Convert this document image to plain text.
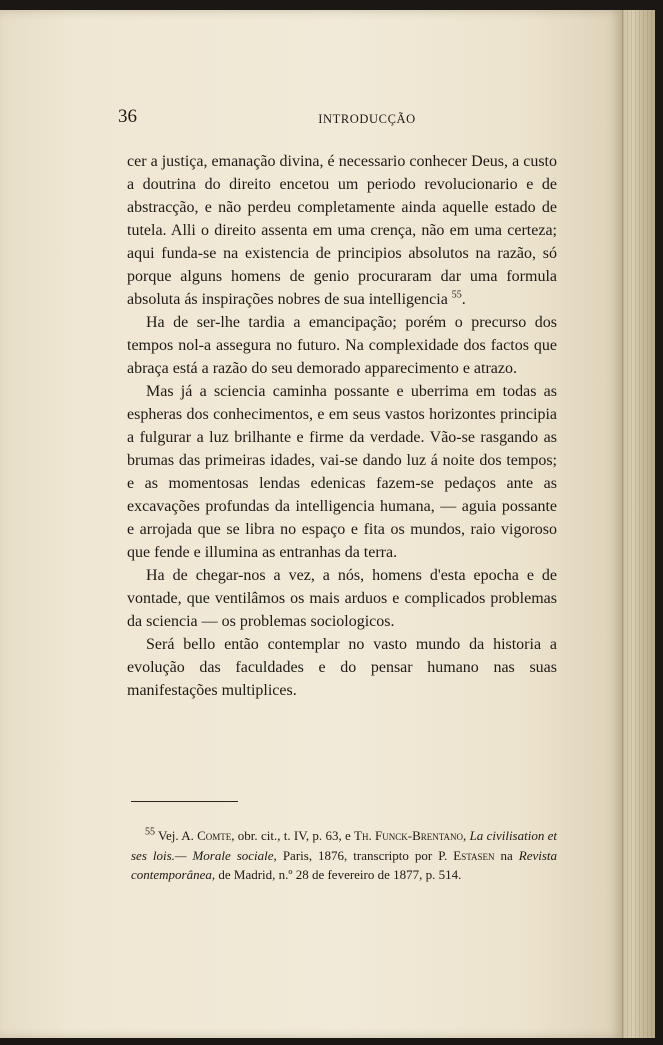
36	INTRODUCÇÃO

cer a justiça, emanação divina, é necessario conhecer Deus, a custo a doutrina do direito encetou um periodo revolucionario e de abstracção, e não perdeu completamente ainda aquelle estado de tutela. Alli o direito assenta em uma crença, não em uma certeza; aqui funda-se na existencia de principios absolutos na razão, só porque alguns homens de genio procuraram dar uma formula absoluta ás inspirações nobres de sua intelligencia $^{55}$.

Ha de ser-lhe tardia a emancipação; porém o precurso dos tempos nol-a assegura no futuro. Na complexidade dos factos que abraça está a razão do seu demorado apparecimento e atrazo.

Mas já a sciencia caminha possante e uberrima em todas as espheras dos conhecimentos, e em seus vastos horizontes principia a fulgurar a luz brilhante e firme da verdade. Vão-se rasgando as brumas das primeiras idades, vai-se dando luz á noite dos tempos; e as momentosas lendas edenicas fazem-se pedaços ante as excavações profundas da intelligencia humana, — aguia possante e arrojada que se libra no espaço e fita os mundos, raio vigoroso que fende e illumina as entranhas da terra.

Ha de chegar-nos a vez, a nós, homens d'esta epocha e de vontade, que ventilâmos os mais arduos e complicados problemas da sciencia — os problemas sociologicos.

Será bello então contemplar no vasto mundo da historia a evolução das faculdades e do pensar humano nas suas manifestações multiplices.

$^{55}$ Vej. A. Comte, obr. cit., t. IV, p. 63, e Th. Funck-Brentano, La civilisation et ses lois.— Morale sociale, Paris, 1876, transcripto por P. Estasen na Revista contemporânea, de Madrid, n.º 28 de fevereiro de 1877, p. 514.
